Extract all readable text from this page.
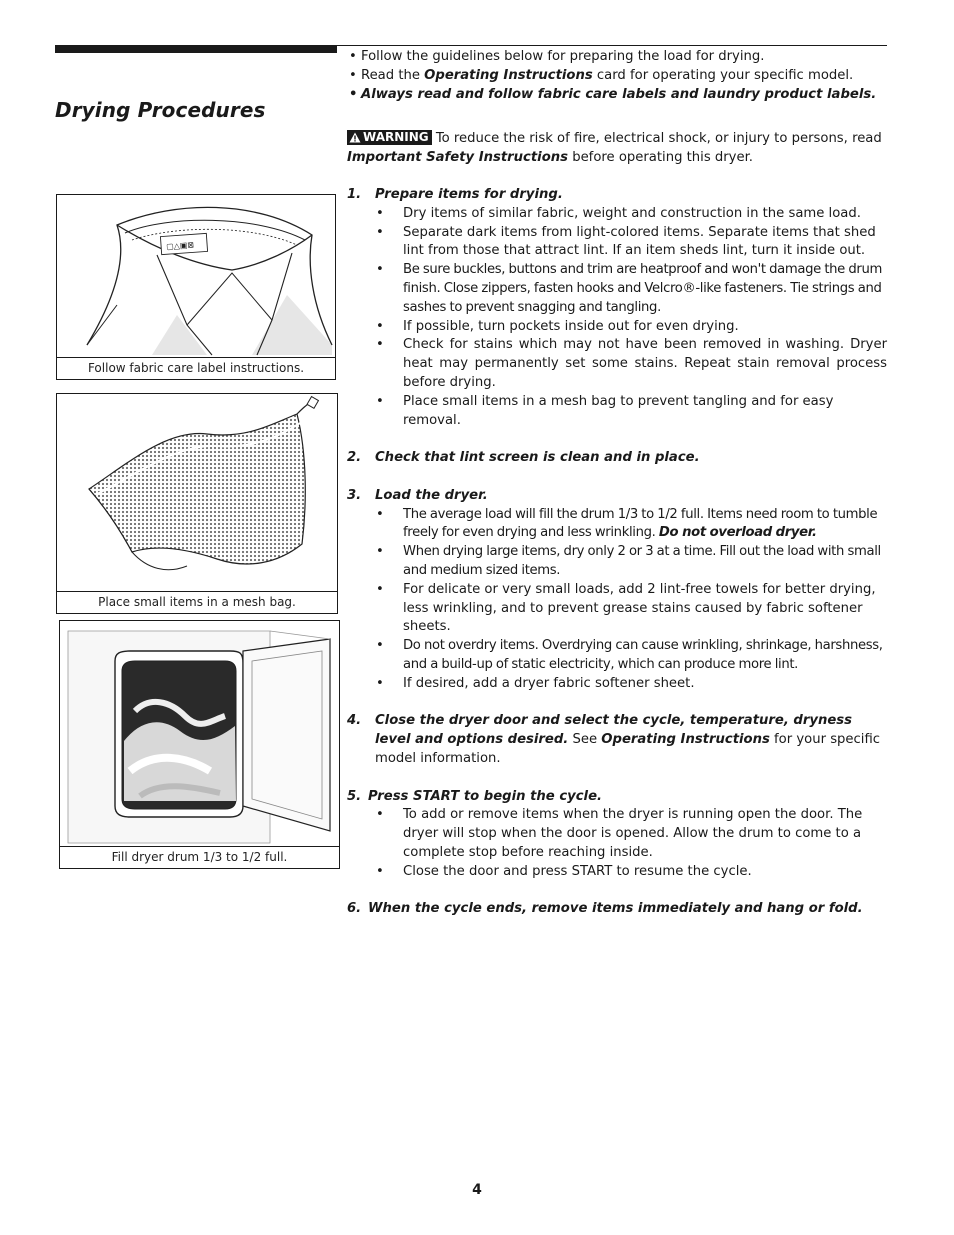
Drying Procedures
▢△▣⊠
Follow fabric care label instructions.
Place small items in a mesh bag.
Fill dryer drum 1/3 to 1/2 full.
• Follow the guidelines below for preparing the load for drying.
• Read the Operating Instructions card for operating your specific model.
• Always read and follow fabric care labels and laundry product labels.
WARNING To reduce the risk of fire, electrical shock, or injury to persons, read Important Safety Instructions before operating this dryer.
1.	Prepare items for drying.
• Dry items of similar fabric, weight and construction in the same load.
• Separate dark items from light-colored items. Separate items that shed lint from those that attract lint. If an item sheds lint, turn it inside out.
• Be sure buckles, buttons and trim are heatproof and won't damage the drum finish. Close zippers, fasten hooks and Velcro®-like fasteners. Tie strings and sashes to prevent snagging and tangling.
• If possible, turn pockets inside out for even drying.
• Check for stains which may not have been removed in washing. Dryer heat may permanently set some stains. Repeat stain removal process before drying.
• Place small items in a mesh bag to prevent tangling and for easy removal.
2.	Check that lint screen is clean and in place.
3.	Load the dryer.
• The average load will fill the drum 1/3 to 1/2 full. Items need room to tumble freely for even drying and less wrinkling. Do not overload dryer.
• When drying large items, dry only 2 or 3 at a time. Fill out the load with small and medium sized items.
• For delicate or very small loads, add 2 lint-free towels for better drying, less wrinkling, and to prevent grease stains caused by fabric softener sheets.
• Do not overdry items. Overdrying can cause wrinkling, shrinkage, harshness, and a build-up of static electricity, which can produce more lint.
• If desired, add a dryer fabric softener sheet.
4.	Close the dryer door and select the cycle, temperature, dryness level and options desired. See Operating Instructions for your specific model information.
5. Press START to begin the cycle.
• To add or remove items when the dryer is running open the door. The dryer will stop when the door is opened. Allow the drum to come to a complete stop before reaching inside.
• Close the door and press START to resume the cycle.
6. When the cycle ends, remove items immediately and hang or fold.
4
